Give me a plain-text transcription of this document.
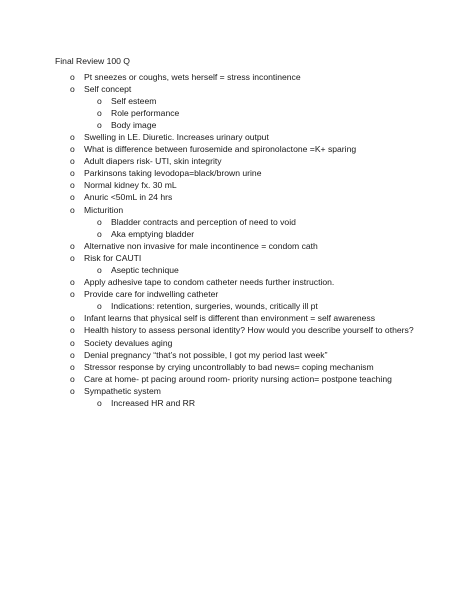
Final Review 100 Q
o Pt sneezes or coughs, wets herself = stress incontinence
o Self concept
o Self esteem
o Role performance
o Body image
o Swelling in LE. Diuretic. Increases urinary output
o What is difference between furosemide and spironolactone =K+ sparing
o Adult diapers risk- UTI, skin integrity
o Parkinsons taking levodopa=black/brown urine
o Normal kidney fx. 30 mL
o Anuric <50mL in 24 hrs
o Micturition
o Bladder contracts and perception of need to void
o Aka emptying bladder
o Alternative non invasive for male incontinence = condom cath
o Risk for CAUTI
o Aseptic technique
o Apply adhesive tape to condom catheter needs further instruction.
o Provide care for indwelling catheter
o Indications: retention, surgeries, wounds, critically ill pt
o Infant learns that physical self is different than environment = self awareness
o Health history to assess personal identity? How would you describe yourself to others?
o Society devalues aging
o Denial pregnancy “that’s not possible, I got my period last week”
o Stressor response by crying uncontrollably to bad news= coping mechanism
o Care at home- pt pacing around room- priority nursing action= postpone teaching
o Sympathetic system
o Increased HR and RR
